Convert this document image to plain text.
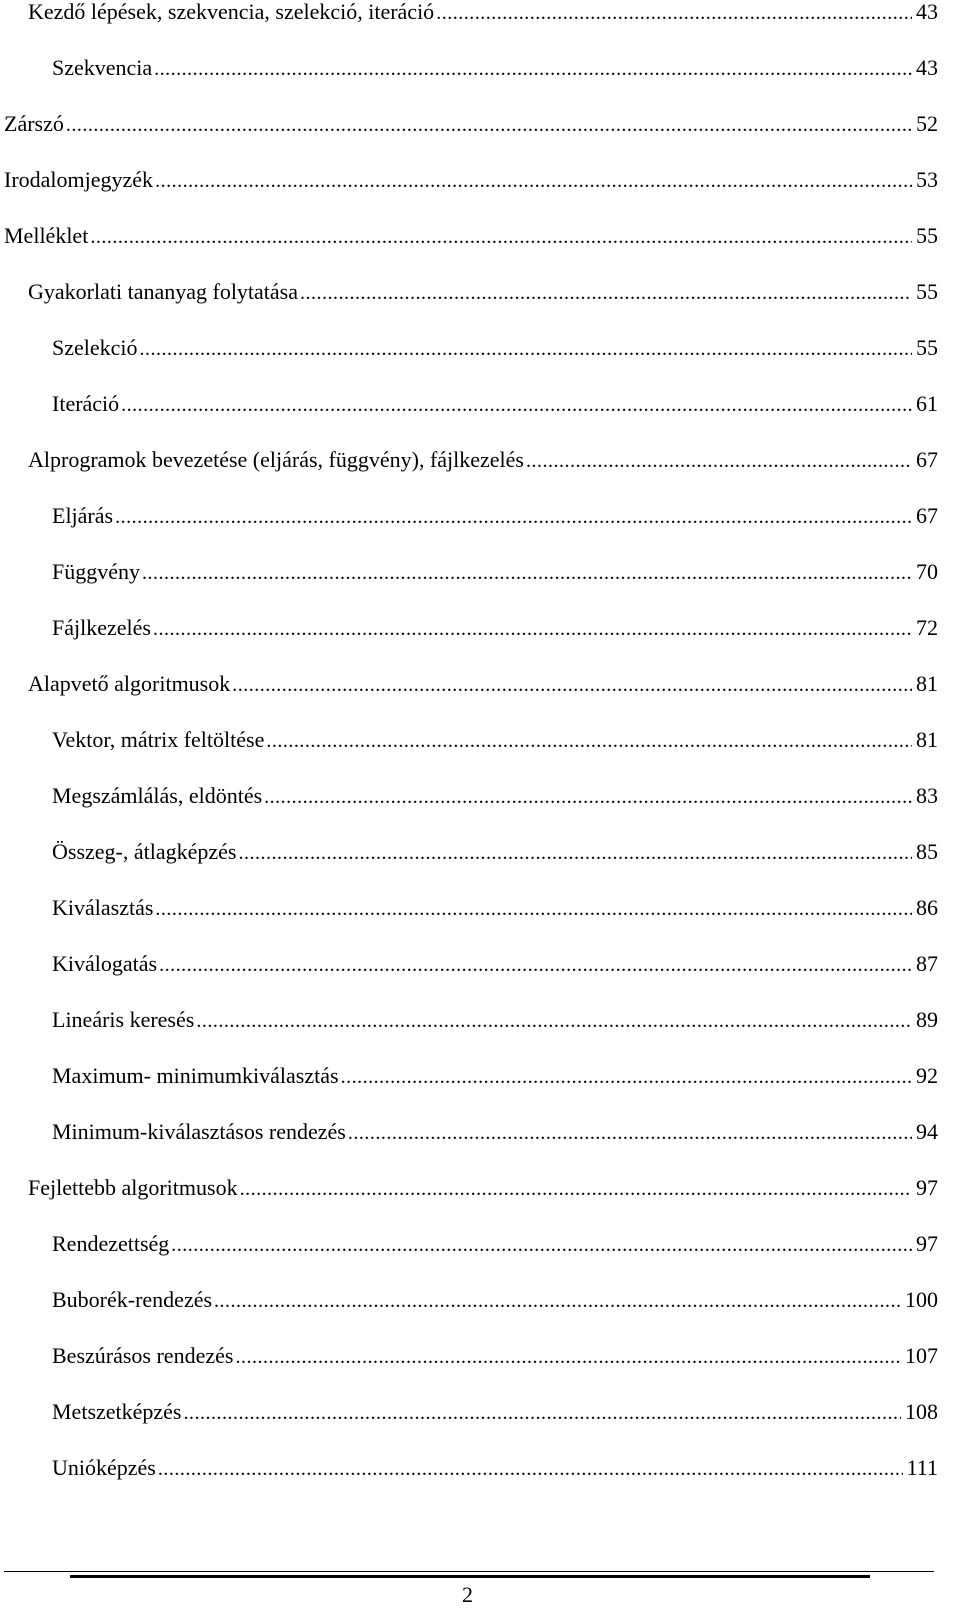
Kezdő lépések, szekvencia, szelekció, iteráció .....	43
Szekvencia .....	43
Zárszó .....	52
Irodalomjegyzék .....	53
Melléklet .....	55
Gyakorlati tananyag folytatása .....	55
Szelekció .....	55
Iteráció .....	61
Alprogramok bevezetése (eljárás, függvény), fájlkezelés .....	67
Eljárás .....	67
Függvény .....	70
Fájlkezelés .....	72
Alapvető algoritmusok .....	81
Vektor, mátrix feltöltése .....	81
Megszámlálás, eldöntés .....	83
Összeg-, átlagképzés .....	85
Kiválasztás .....	86
Kiválogatás .....	87
Lineáris keresés .....	89
Maximum- minimumkiválasztás .....	92
Minimum-kiválasztásos rendezés .....	94
Fejlettebb algoritmusok .....	97
Rendezettség .....	97
Buborék-rendezés .....	100
Beszúrásos rendezés .....	107
Metszetképzés .....	108
Unióképzés .....	111
2
